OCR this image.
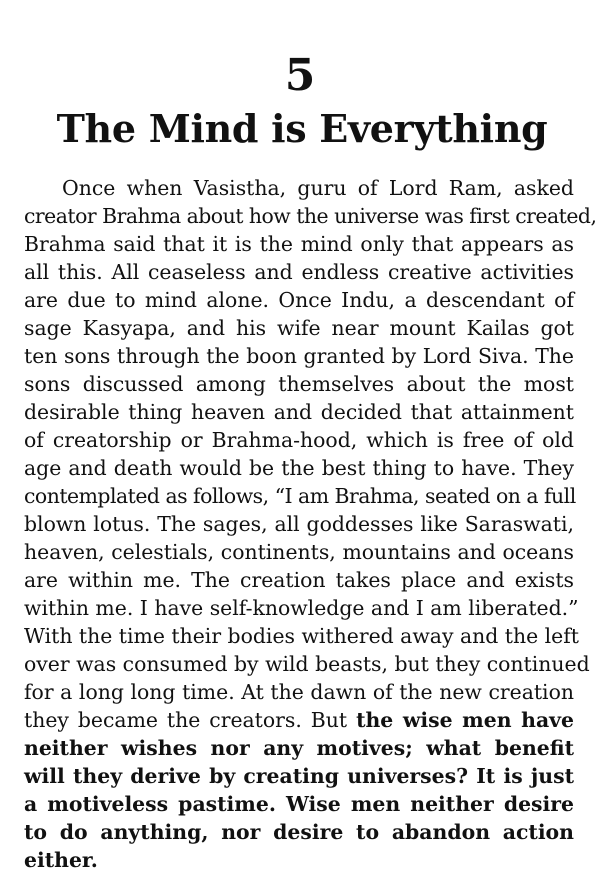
5
The Mind is Everything
Once when Vasistha, guru of Lord Ram, asked
creator Brahma about how the universe was first created,
Brahma said that it is the mind only that appears as
all this. All ceaseless and endless creative activities
are due to mind alone. Once Indu, a descendant of
sage Kasyapa, and his wife near mount Kailas got
ten sons through the boon granted by Lord Siva. The
sons discussed among themselves about the most
desirable thing heaven and decided that attainment
of creatorship or Brahma-hood, which is free of old
age and death would be the best thing to have. They
contemplated as follows, “I am Brahma, seated on a full
blown lotus. The sages, all goddesses like Saraswati,
heaven, celestials, continents, mountains and oceans
are within me. The creation takes place and exists
within me. I have self-knowledge and I am liberated.”
With the time their bodies withered away and the left
over was consumed by wild beasts, but they continued
for a long long time. At the dawn of the new creation
they became the creators. But the wise men have
neither wishes nor any motives; what benefit
will they derive by creating universes? It is just
a motiveless pastime. Wise men neither desire
to do anything, nor desire to abandon action
either.
